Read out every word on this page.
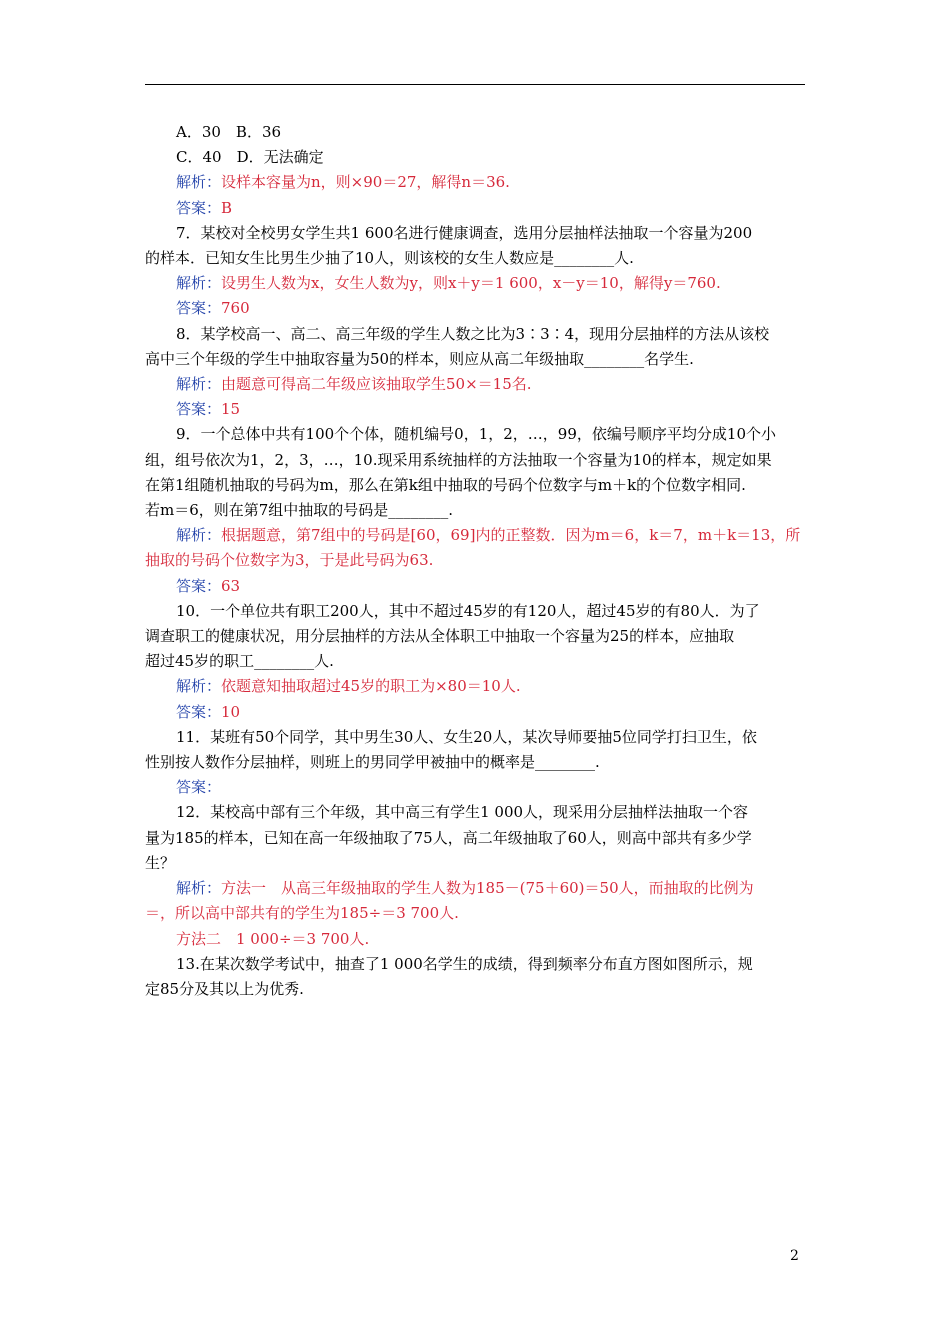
A．30　B．36
C．40　D．无法确定
解析：设样本容量为n，则×90＝27，解得n＝36.
答案：B
7．某校对全校男女学生共1 600名进行健康调查，选用分层抽样法抽取一个容量为200
的样本．已知女生比男生少抽了10人，则该校的女生人数应是________人.
解析：设男生人数为x，女生人数为y，则x＋y＝1 600，x－y＝10，解得y＝760.
答案：760
8．某学校高一、高二、高三年级的学生人数之比为3∶3∶4，现用分层抽样的方法从该校
高中三个年级的学生中抽取容量为50的样本，则应从高二年级抽取________名学生.
解析：由题意可得高二年级应该抽取学生50×＝15名.
答案：15
9．一个总体中共有100个个体，随机编号0，1，2，…，99，依编号顺序平均分成10个小
组，组号依次为1，2，3，…，10.现采用系统抽样的方法抽取一个容量为10的样本，规定如果
在第1组随机抽取的号码为m，那么在第k组中抽取的号码个位数字与m＋k的个位数字相同.
若m＝6，则在第7组中抽取的号码是________.
解析：根据题意，第7组中的号码是[60，69]内的正整数．因为m＝6，k＝7，m＋k＝13，所
抽取的号码个位数字为3，于是此号码为63.
答案：63
10．一个单位共有职工200人，其中不超过45岁的有120人，超过45岁的有80人．为了
调查职工的健康状况，用分层抽样的方法从全体职工中抽取一个容量为25的样本，应抽取
超过45岁的职工________人.
解析：依题意知抽取超过45岁的职工为×80＝10人.
答案：10
11．某班有50个同学，其中男生30人、女生20人，某次导师要抽5位同学打扫卫生，依
性别按人数作分层抽样，则班上的男同学甲被抽中的概率是________.
答案：
12．某校高中部有三个年级，其中高三有学生1 000人，现采用分层抽样法抽取一个容
量为185的样本，已知在高一年级抽取了75人，高二年级抽取了60人，则高中部共有多少学
生？
解析：方法一　从高三年级抽取的学生人数为185－(75＋60)＝50人，而抽取的比例为
＝，所以高中部共有的学生为185÷＝3 700人.
方法二　1 000÷＝3 700人.
13.在某次数学考试中，抽查了1 000名学生的成绩，得到频率分布直方图如图所示，规
定85分及其以上为优秀.
2
